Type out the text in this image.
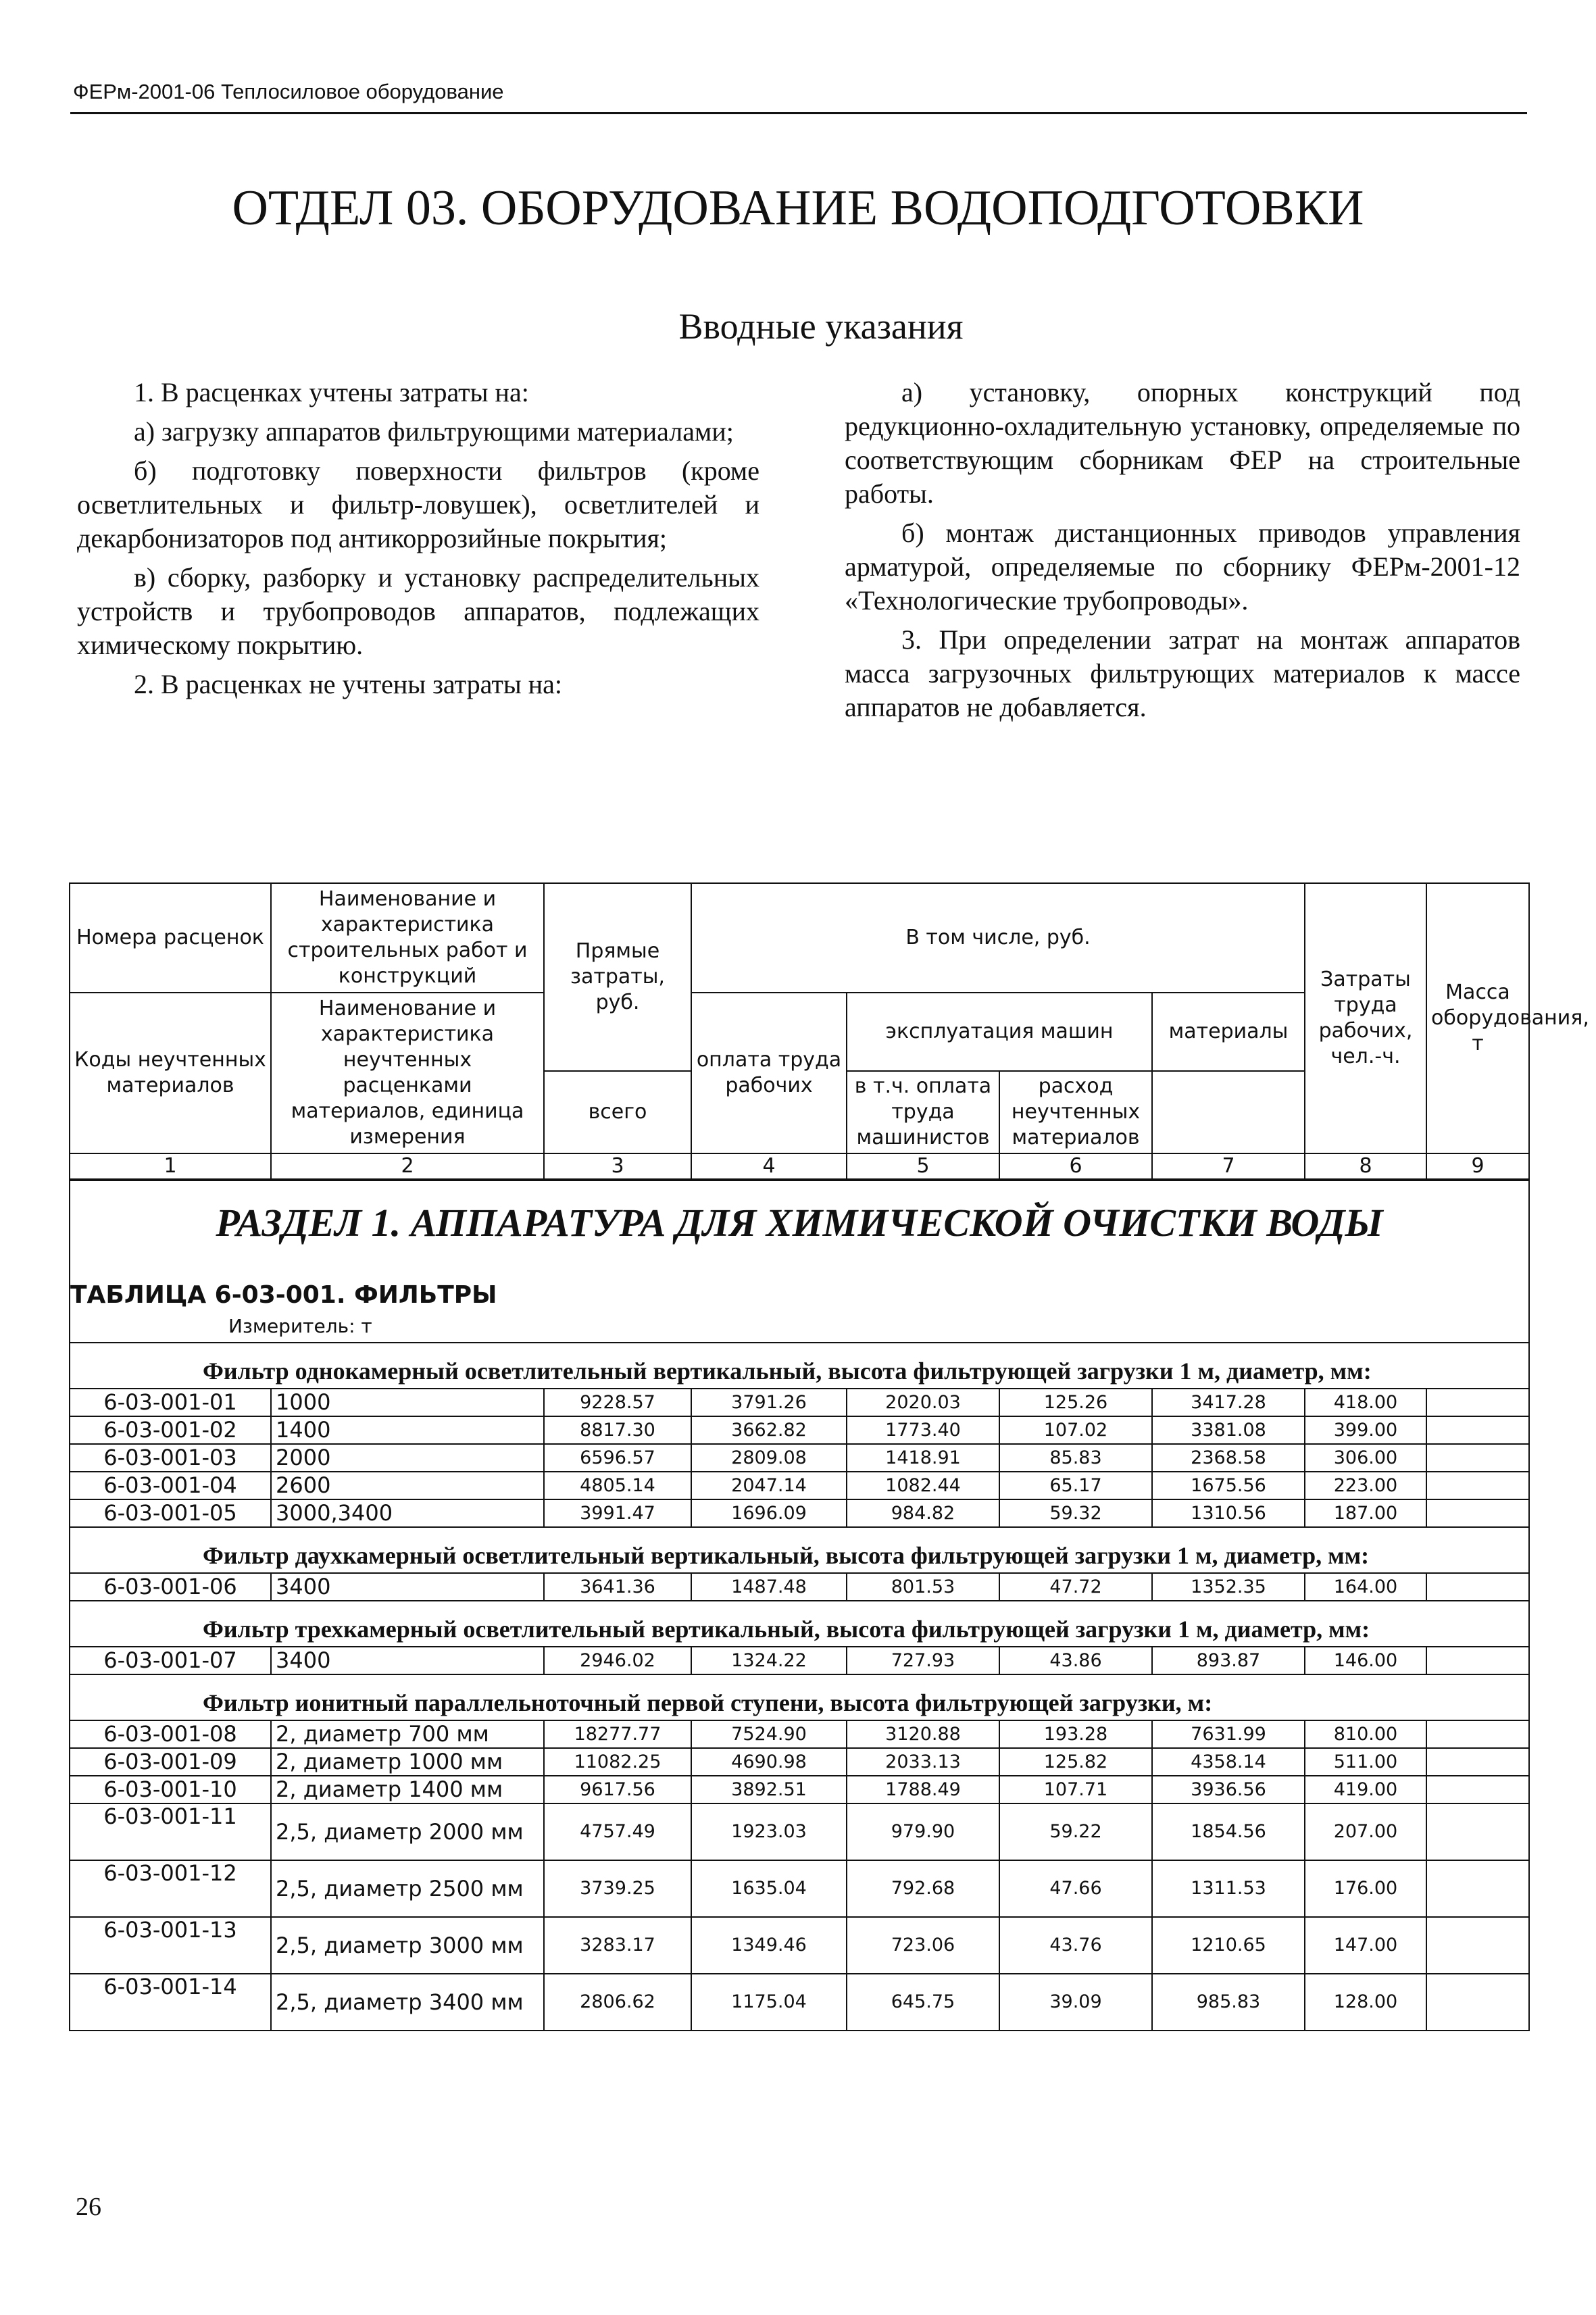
ФЕРм-2001-06 Теплосиловое оборудование
ОТДЕЛ 03. ОБОРУДОВАНИЕ ВОДОПОДГОТОВКИ
Вводные указания

1. В расценках учтены затраты на:

а) загрузку аппаратов фильтрующими материалами;

б) подготовку поверхности фильтров (кроме осветлительных и фильтр-ловушек), осветлителей и декарбонизаторов под антикоррозийные покрытия;

в) сборку, разборку и установку распределительных устройств и трубопроводов аппаратов, подлежащих химическому покрытию.

2. В расценках не учтены затраты на:

а) установку, опорных конструкций под редукционно-охладительную установку, определяемые по соответствующим сборникам ФЕР на строительные работы.

б) монтаж дистанционных приводов управления арматурой, определяемые по сборнику ФЕРм-2001-12 «Технологические трубопроводы».

3. При определении затрат на монтаж аппаратов масса загрузочных фильтрующих материалов к массе аппаратов не добавляется.

Номера расценок	Наименование и характеристика строительных работ и конструкций	Прямые затраты, руб.	В том числе, руб.				Затраты труда рабочих, чел.-ч.	Масса оборудования, т
Коды неучтенных материалов	Наименование и характеристика неучтенных расценками материалов, единица измерения		оплата труда рабочих	эксплуатация машин		материалы		
		всего		в т.ч. оплата труда машинистов	расход неучтенных материалов			
1	2	3	4	5	6	7	8	9

РАЗДЕЛ 1. АППАРАТУРА ДЛЯ ХИМИЧЕСКОЙ ОЧИСТКИ ВОДЫ
ТАБЛИЦА 6-03-001. ФИЛЬТРЫ
Измеритель: т								

Фильтр однокамерный осветлительный вертикальный, высота фильтрующей загрузки 1 м, диаметр, мм:								
6-03-001-01	1000	9228.57	3791.26	2020.03	125.26	3417.28	418.00	
6-03-001-02	1400	8817.30	3662.82	1773.40	107.02	3381.08	399.00	
6-03-001-03	2000	6596.57	2809.08	1418.91	85.83	2368.58	306.00	
6-03-001-04	2600	4805.14	2047.14	1082.44	65.17	1675.56	223.00	
6-03-001-05	3000,3400	3991.47	1696.09	984.82	59.32	1310.56	187.00	
Фильтр даухкамерный осветлительный вертикальный, высота фильтрующей загрузки 1 м, диаметр, мм:								
6-03-001-06	3400	3641.36	1487.48	801.53	47.72	1352.35	164.00	
Фильтр трехкамерный осветлительный вертикальный, высота фильтрующей загрузки 1 м, диаметр, мм:								
6-03-001-07	3400	2946.02	1324.22	727.93	43.86	893.87	146.00	
Фильтр ионитный параллельноточный первой ступени, высота фильтрующей загрузки, м:								
6-03-001-08	2, диаметр 700 мм	18277.77	7524.90	3120.88	193.28	7631.99	810.00	
6-03-001-09	2, диаметр 1000 мм	11082.25	4690.98	2033.13	125.82	4358.14	511.00	
6-03-001-10	2, диаметр 1400 мм	9617.56	3892.51	1788.49	107.71	3936.56	419.00	
6-03-001-11	2,5, диаметр 2000 мм	4757.49	1923.03	979.90	59.22	1854.56	207.00	
6-03-001-12	2,5, диаметр 2500 мм	3739.25	1635.04	792.68	47.66	1311.53	176.00	
6-03-001-13	2,5, диаметр 3000 мм	3283.17	1349.46	723.06	43.76	1210.65	147.00	
6-03-001-14	2,5, диаметр 3400 мм	2806.62	1175.04	645.75	39.09	985.83	128.00	
26
